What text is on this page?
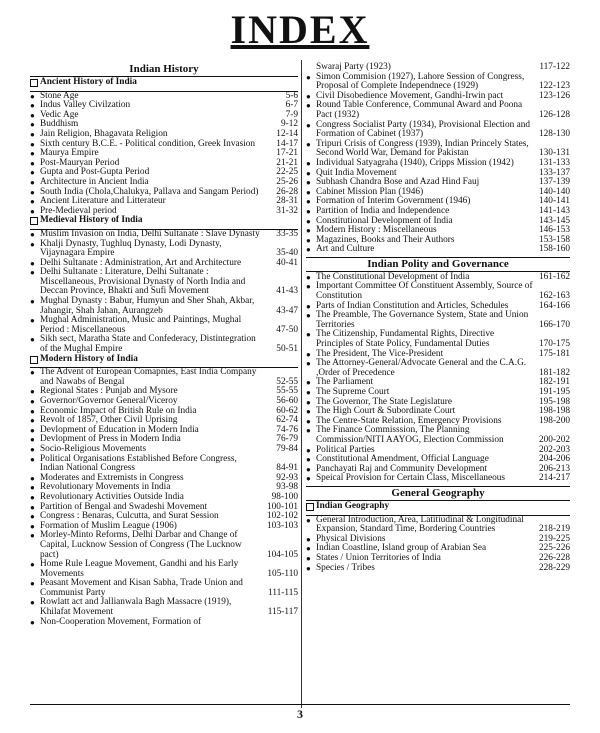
INDEX
Indian History
Ancient History of India
● Stone Age	5-6
● Indus Valley Civilzation	6-7
● Vedic Age	7-9
● Buddhism	9-12
● Jain Religion, Bhagavata Religion	12-14
● Sixth century B.C.E. - Political condition, Greek Invasion	14-17
● Maurya Empire	17-21
● Post-Mauryan Period	21-21
● Gupta and Post-Gupta Period	22-25
● Architecture in Ancient India	25-26
● South India (Chola,Chalukya, Pallava and Sangam Period)	26-28
● Ancient Literature and Litterateur	28-31
● Pre-Medieval period	31-32
Medieval History of India
● Muslim Invasion on India, Delhi Sultanate : Slave Dynasty	33-35
● Khalji Dynasty, Tughluq Dynasty, Lodi Dynasty, Vijaynagara Empire	35-40
● Delhi Sultanate : Administration, Art and Architecture	40-41
● Delhi Sultanate : Literature, Delhi Sultanate : Miscellaneous, Provisional Dynasty of North India and Deccan Province, Bhakti and Sufi Movement	41-43
● Mughal Dynasty : Babur, Humyun and Sher Shah, Akbar, Jahangir, Shah Jahan, Aurangzeb	43-47
● Mughal Administration, Music and Paintings, Mughal Period : Miscellaneous	47-50
● Sikh sect, Maratha State and Confederacy, Distintegration of the Mughal Empire	50-51
Modern History of India
● The Advent of European Comapnies, East India Company and Nawabs of Bengal	52-55
● Regional States : Punjab and Mysore	55-55
● Governor/Governor General/Viceroy	56-60
● Economic Impact of British Rule on India	60-62
● Revolt of 1857, Other Civil Uprising	62-74
● Devlopment of Education in Modern India	74-76
● Devlopment of Press in Modern India	76-79
● Socio-Religious Movements	79-84
● Political Organisations Established Before Congress, Indian National Congress	84-91
● Moderates and Extremists in Congress	92-93
● Revolutionary Movements in India	93-98
● Revolutionary Activities Outside India	98-100
● Partition of Bengal and Swadeshi Movement	100-101
● Congress : Benaras, Culcutta, and Surat Session	102-102
● Formation of Muslim League (1906)	103-103
● Morley-Minto Reforms, Delhi Darbar and Change of Capital, Lucknow Session of Congress (The Lucknow pact)	104-105
● Home Rule League Movement, Gandhi and his Early Movements	105-110
● Peasant Movement and Kisan Sabha, Trade Union and Communist Party	111-115
● Rowlatt act and Jallianwala Bagh Massacre (1919), Khilafat Movement	115-117
● Non-Cooperation Movement, Formation of
Swaraj Party (1923)	117-122
● Simon Commision (1927), Lahore Session of Congress, Proposal of Complete Independnece (1929)	122-123
● Civil Disobedience Movement, Gandhi-Irwin pact	123-126
● Round Table Conference, Communal Award and Poona Pact (1932)	126-128
● Congress Socialist Party (1934), Provisional Election and Formation of Cabinet (1937)	128-130
● Tripuri Crisis of Congress (1939), Indian Princely States, Second World War, Demand for Pakistan	130-131
● Individual Satyagraha (1940), Cripps Mission (1942)	131-133
● Quit India Movement	133-137
● Subhash Chandra Bose and Azad Hind Fauj	137-139
● Cabinet Mission Plan (1946)	140-140
● Formation of Interim Government (1946)	140-141
● Partition of India and Independence	141-143
● Constitutional Development of India	143-145
● Modern History : Miscellaneous	146-153
● Magazines, Books and Their Authors	153-158
● Art and Culture	158-160
Indian Polity and Governance
● The Constitutional Development of India	161-162
● Important Committee Of Constituent Assembly, Source of Constitution	162-163
● Parts of Indian Constitution and Articles, Schedules	164-166
● The Preamble, The Governance System, State and Union Territories	166-170
● The Citizenship, Fundamental Rights, Directive Principles of State Policy, Fundamental Duties	170-175
● The President, The Vice-President	175-181
● The Attorney-General/Advocate General and the C.A.G. ,Order of Precedence	181-182
● The Parliament	182-191
● The Supreme Court	191-195
● The Governor, The State Legislature	195-198
● The High Court & Subordinate Court	198-198
● The Centre-State Relation, Emergency Provisions	198-200
● The Finance Commisssion, The Planning Commission/NITI AAYOG, Election Commission	200-202
● Political Parties	202-203
● Constitutional Amendment, Official Language	204-206
● Panchayati Raj and Community Development	206-213
● Speical Provision for Certain Class, Miscellaneous	214-217
General Geography
Indian Geography
● General Introduction, Area, Latitiudinal & Longitudinal Expansion, Standard Time, Bordering Countries	218-219
● Physical Divisions	219-225
● Indian Coastline, Island group of Arabian Sea	225-226
● States / Union Territories of India	226-228
● Species / Tribes	228-229
3
